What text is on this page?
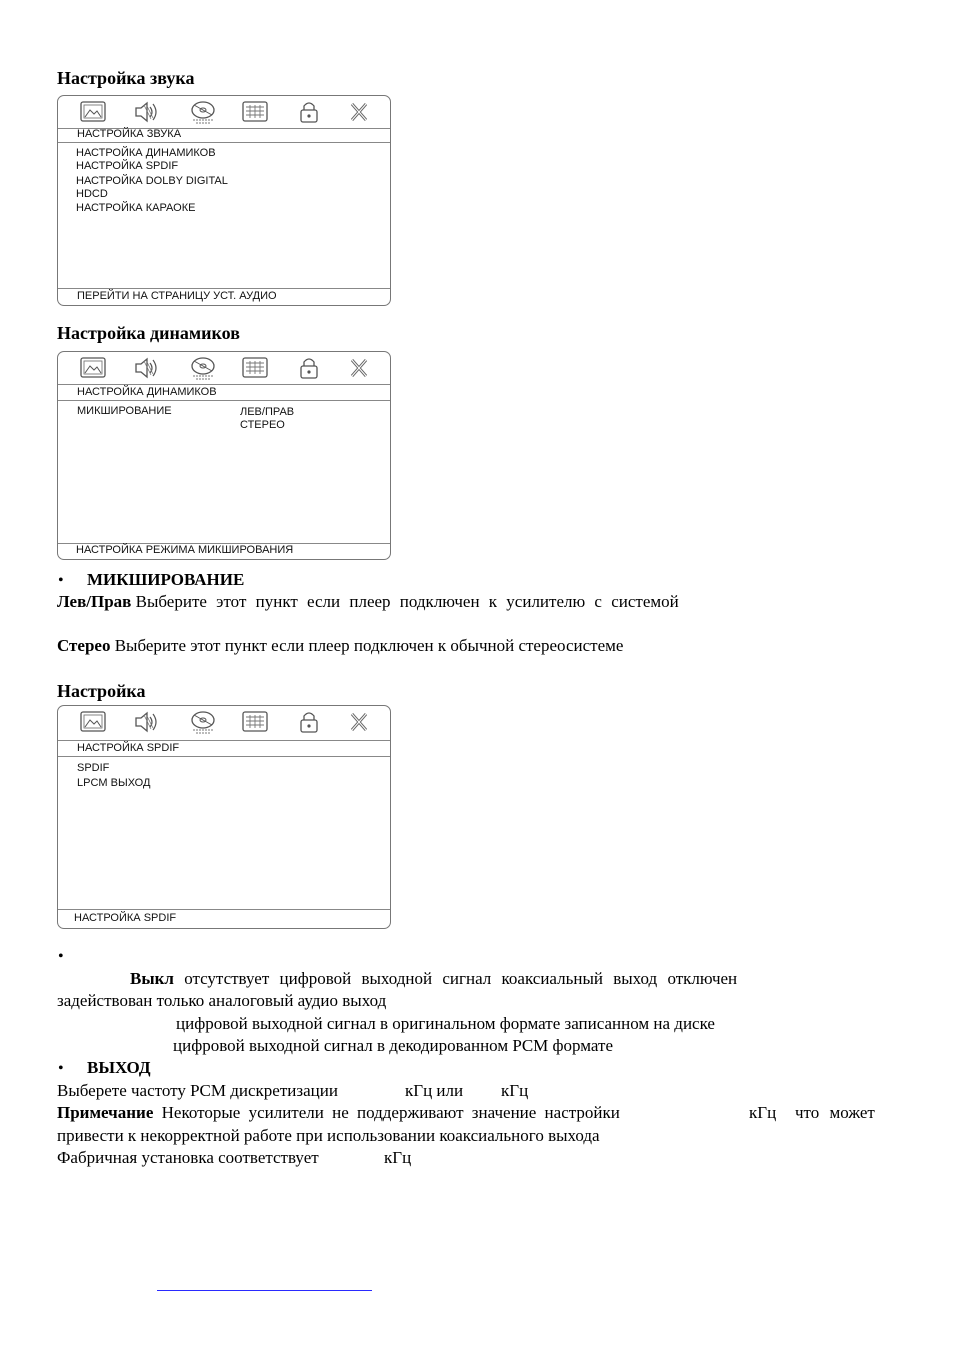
Настройка звука
НАСТРОЙКА ЗВУКА
НАСТРОЙКА ДИНАМИКОВ
НАСТРОЙКА SPDIF
НАСТРОЙКА DOLBY DIGITAL
HDCD
НАСТРОЙКА КАРАОКЕ
ПЕРЕЙТИ НА СТРАНИЦУ УСТ. АУДИО
Настройка динамиков
НАСТРОЙКА ДИНАМИКОВ
МИКШИРОВАНИЕ	ЛЕВ/ПРАВ
СТЕРЕО
НАСТРОЙКА РЕЖИМА МИКШИРОВАНИЯ
• МИКШИРОВАНИЕ
Лев/Прав Выберите этот пункт если плеер подключен к усилителю с системой
Стерео Выберите этот пункт если плеер подключен к обычной стереосистеме
Настройка
НАСТРОЙКА SPDIF
SPDIF
LPCM ВЫХОД
НАСТРОЙКА SPDIF
•
Выкл отсутствует цифровой выходной сигнал коаксиальный выход отключен
задействован только аналоговый аудио выход
цифровой выходной сигнал в оригинальном формате записанном на диске
цифровой выходной сигнал в декодированном PCM формате
• ВЫХОД
Выберете частоту PCM дискретизации	кГц или кГц
Примечание Некоторые усилители не поддерживают значение настройки	кГц что может
привести к некорректной работе при использовании коаксиального выхода
Фабричная установка соответствует	кГц
